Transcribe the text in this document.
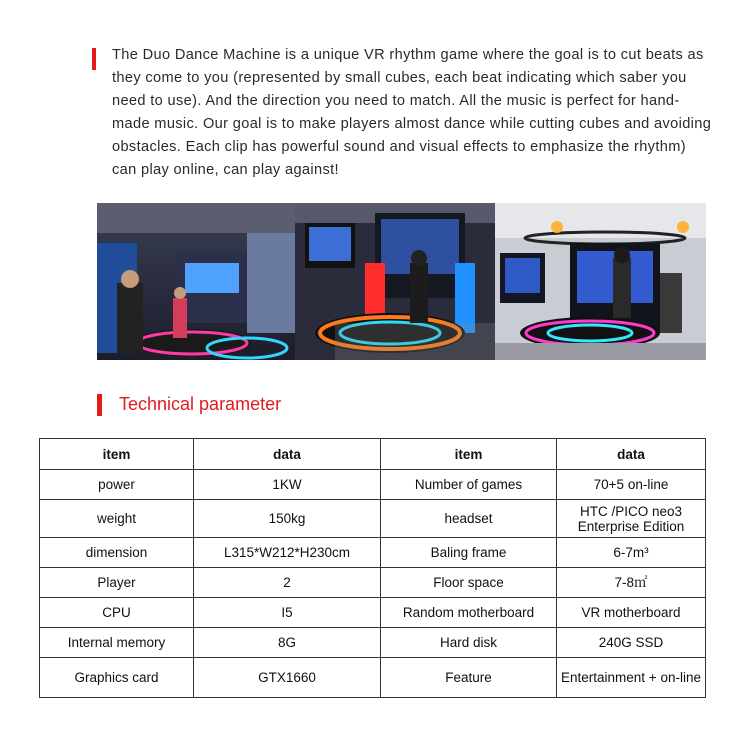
The Duo Dance Machine is a unique VR rhythm game where the goal is to cut beats as they come to you (represented by small cubes, each beat indicating which saber you need to use). And the direction you need to match. All the music is perfect for hand-made music. Our goal is to make players almost dance while cutting cubes and avoiding obstacles. Each clip has powerful sound and visual effects to emphasize the rhythm) can play online, can play against!

Technical parameter
item	data	item	data
power	1KW	Number of games	70+5 on-line
weight	150kg	headset	HTC /PICO neo3 Enterprise Edition
dimension	L315*W212*H230cm	Baling frame	6-7m³
Player	2	Floor space	7-8㎡
CPU	I5	Random motherboard	VR motherboard
Internal memory	8G	Hard disk	240G SSD
Graphics card	GTX1660	Feature	Entertainment + on-line
